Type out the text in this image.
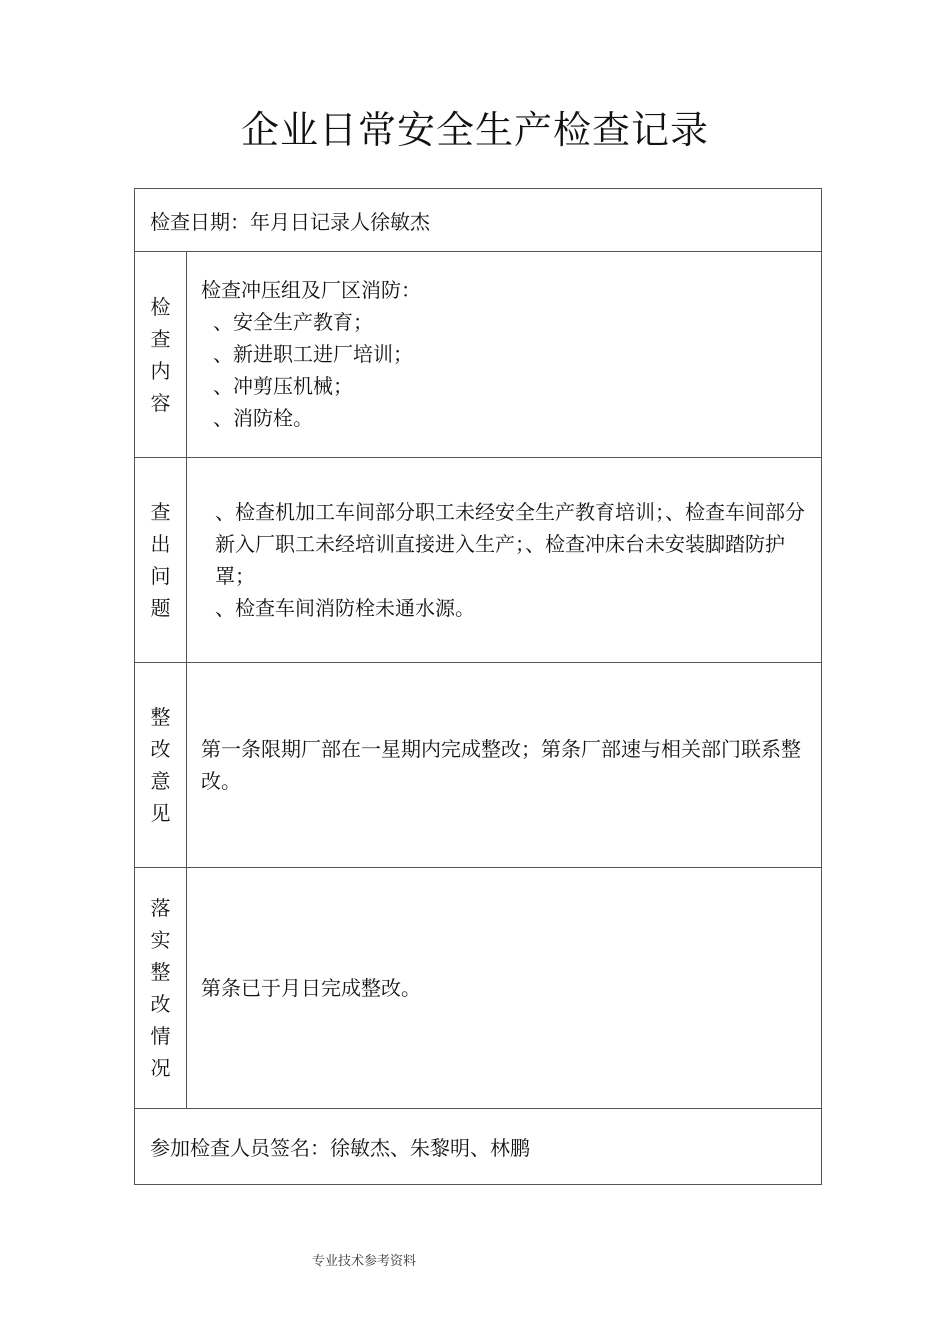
企业日常安全生产检查记录
检查日期：年月日记录人徐敏杰
检查内容
检查冲压组及厂区消防：
、安全生产教育；
、新进职工进厂培训；
、冲剪压机械；
、消防栓。
查出问题
、检查机加工车间部分职工未经安全生产教育培训；、检查车间部分新入厂职工未经培训直接进入生产；、检查冲床台未安装脚踏防护罩；
、检查车间消防栓未通水源。
整改意见
第一条限期厂部在一星期内完成整改；第条厂部速与相关部门联系整改。
落实整改情况
第条已于月日完成整改。
参加检查人员签名：徐敏杰、朱黎明、林鹏
专业技术参考资料
